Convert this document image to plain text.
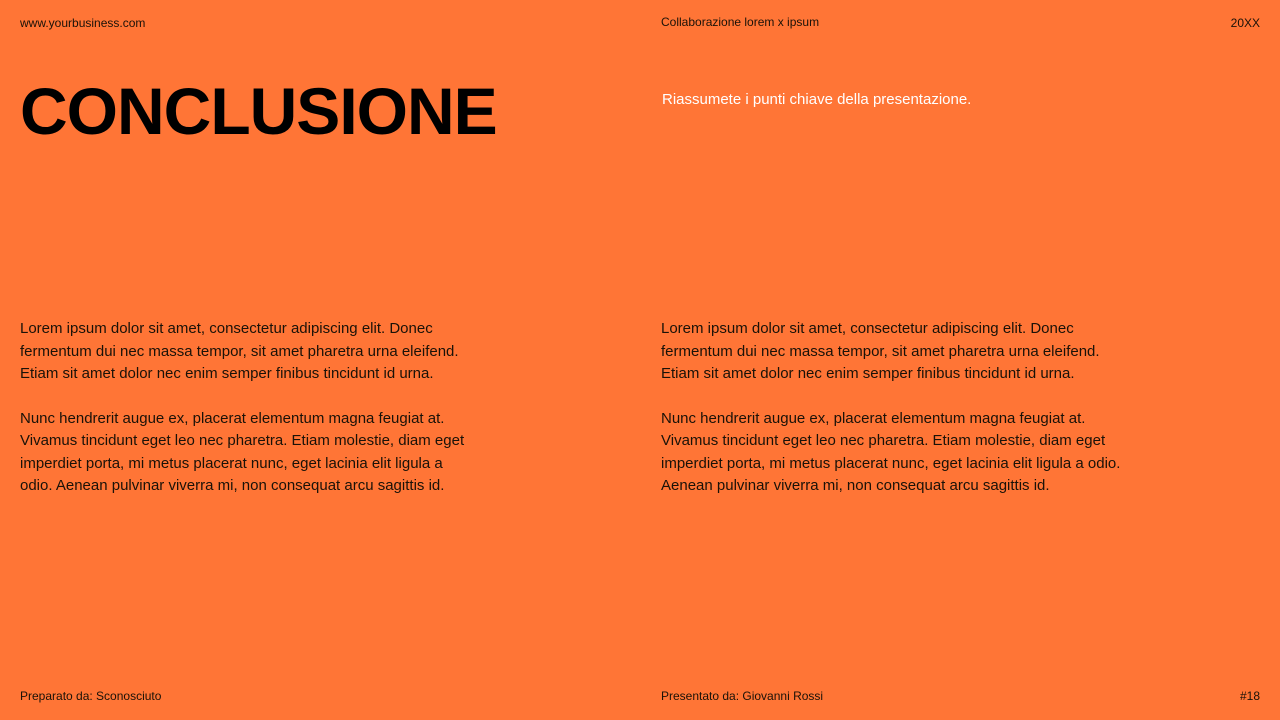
www.yourbusiness.com	Collaborazione lorem x ipsum	20XX
CONCLUSIONE	Riassumete i punti chiave della presentazione.

Lorem ipsum dolor sit amet, consectetur adipiscing elit. Donec
fermentum dui nec massa tempor, sit amet pharetra urna eleifend.
Etiam sit amet dolor nec enim semper finibus tincidunt id urna.

Nunc hendrerit augue ex, placerat elementum magna feugiat at.
Vivamus tincidunt eget leo nec pharetra. Etiam molestie, diam eget
imperdiet porta, mi metus placerat nunc, eget lacinia elit ligula a
odio. Aenean pulvinar viverra mi, non consequat arcu sagittis id.

Lorem ipsum dolor sit amet, consectetur adipiscing elit. Donec
fermentum dui nec massa tempor, sit amet pharetra urna eleifend.
Etiam sit amet dolor nec enim semper finibus tincidunt id urna.

Nunc hendrerit augue ex, placerat elementum magna feugiat at.
Vivamus tincidunt eget leo nec pharetra. Etiam molestie, diam eget
imperdiet porta, mi metus placerat nunc, eget lacinia elit ligula a odio.
Aenean pulvinar viverra mi, non consequat arcu sagittis id.

Preparato da: Sconosciuto	Presentato da: Giovanni Rossi	#18
